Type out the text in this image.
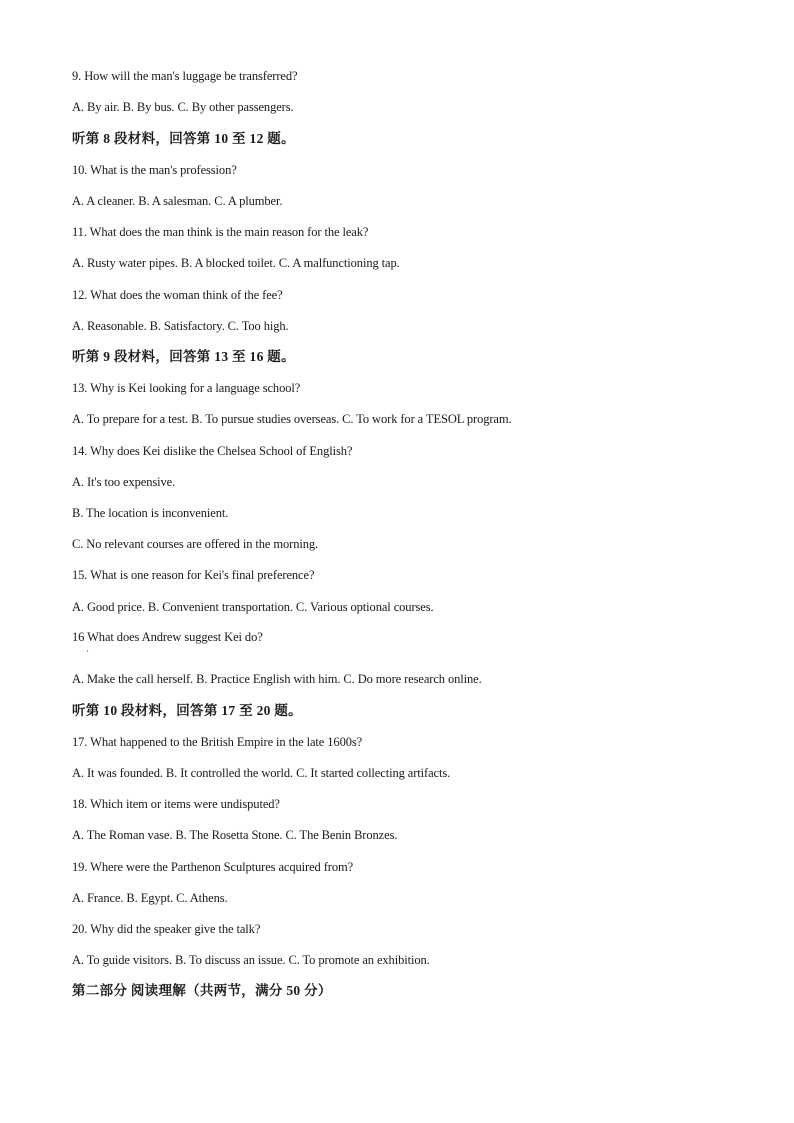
9. How will the man's luggage be transferred?
A. By air. B. By bus. C. By other passengers.
听第 8 段材料，回答第 10 至 12 题。
10. What is the man's profession?
A. A cleaner. B. A salesman. C. A plumber.
11. What does the man think is the main reason for the leak?
A. Rusty water pipes. B. A blocked toilet. C. A malfunctioning tap.
12. What does the woman think of the fee?
A. Reasonable. B. Satisfactory. C. Too high.
听第 9 段材料，回答第 13 至 16 题。
13. Why is Kei looking for a language school?
A. To prepare for a test. B. To pursue studies overseas. C. To work for a TESOL program.
14. Why does Kei dislike the Chelsea School of English?
A. It's too expensive.
B. The location is inconvenient.
C. No relevant courses are offered in the morning.
15. What is one reason for Kei's final preference?
A. Good price. B. Convenient transportation. C. Various optional courses.
16 What does Andrew suggest Kei do?
·
A. Make the call herself. B. Practice English with him. C. Do more research online.
听第 10 段材料，回答第 17 至 20 题。
17. What happened to the British Empire in the late 1600s?
A. It was founded. B. It controlled the world. C. It started collecting artifacts.
18. Which item or items were undisputed?
A. The Roman vase. B. The Rosetta Stone. C. The Benin Bronzes.
19. Where were the Parthenon Sculptures acquired from?
A. France. B. Egypt. C. Athens.
20. Why did the speaker give the talk?
A. To guide visitors. B. To discuss an issue. C. To promote an exhibition.
第二部分 阅读理解（共两节，满分 50 分）
